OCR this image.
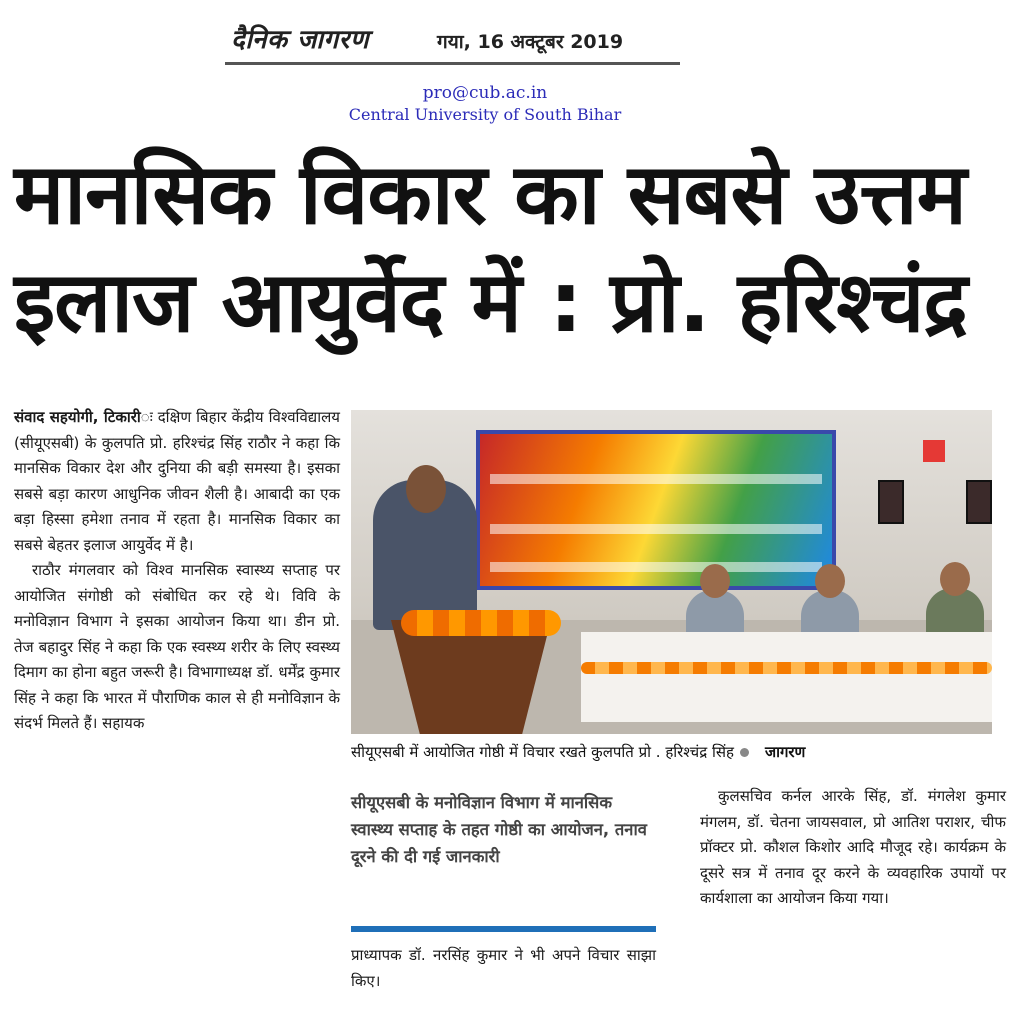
दैनिक जागरण	गया, 16 अक्टूबर 2019
pro@cub.ac.in
Central University of South Bihar
मानसिक विकार का सबसे उत्तम
इलाज आयुर्वेद में : प्रो. हरिश्चंद्र

संवाद सहयोगी, टिकारीः दक्षिण बिहार केंद्रीय विश्वविद्यालय (सीयूएसबी) के कुलपति प्रो. हरिश्चंद्र सिंह राठौर ने कहा कि मानसिक विकार देश और दुनिया की बड़ी समस्या है। इसका सबसे बड़ा कारण आधुनिक जीवन शैली है। आबादी का एक बड़ा हिस्सा हमेशा तनाव में रहता है। मानसिक विकार का सबसे बेहतर इलाज आयुर्वेद में है।

राठौर मंगलवार को विश्व मानसिक स्वास्थ्य सप्ताह पर आयोजित संगोष्ठी को संबोधित कर रहे थे। विवि के मनोविज्ञान विभाग ने इसका आयोजन किया था। डीन प्रो. तेज बहादुर सिंह ने कहा कि एक स्वस्थ्य शरीर के लिए स्वस्थ्य दिमाग का होना बहुत जरूरी है। विभागाध्यक्ष डॉ. धर्मेंद्र कुमार सिंह ने कहा कि भारत में पौराणिक काल से ही मनोविज्ञान के संदर्भ मिलते हैं। सहायक

सीयूएसबी में आयोजित गोष्ठी में विचार रखते कुलपति प्रो . हरिश्चंद्र सिंह जागरण
सीयूएसबी के मनोविज्ञान विभाग में मानसिक स्वास्थ्य सप्ताह के तहत गोष्ठी का आयोजन, तनाव दूरने की दी गई जानकारी

प्राध्यापक डॉ. नरसिंह कुमार ने भी अपने विचार साझा किए।

कुलसचिव कर्नल आरके सिंह, डॉ. मंगलेश कुमार मंगलम, डॉ. चेतना जायसवाल, प्रो आतिश पराशर, चीफ प्रॉक्टर प्रो. कौशल किशोर आदि मौजूद रहे। कार्यक्रम के दूसरे सत्र में तनाव दूर करने के व्यवहारिक उपायों पर कार्यशाला का आयोजन किया गया।
